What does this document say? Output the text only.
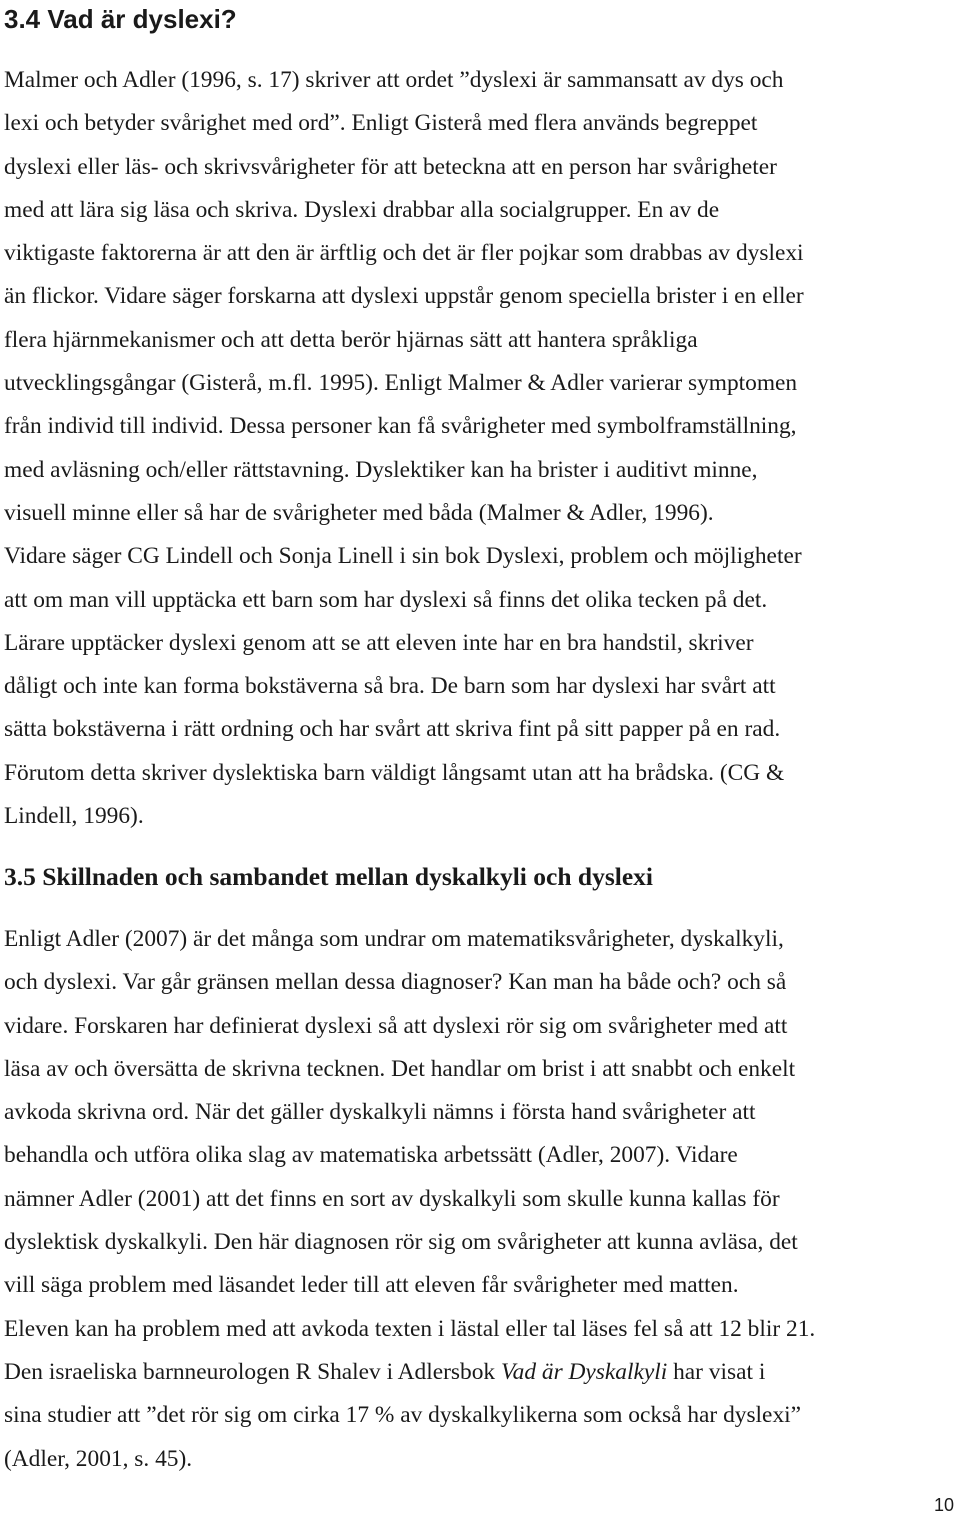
3.4 Vad är dyslexi?

Malmer och Adler (1996, s. 17) skriver att ordet ”dyslexi är sammansatt av dys och
lexi och betyder svårighet med ord”. Enligt Gisterå med flera används begreppet
dyslexi eller läs- och skrivsvårigheter för att beteckna att en person har svårigheter
med att lära sig läsa och skriva. Dyslexi drabbar alla socialgrupper. En av de
viktigaste faktorerna är att den är ärftlig och det är fler pojkar som drabbas av dyslexi
än flickor. Vidare säger forskarna att dyslexi uppstår genom speciella brister i en eller
flera hjärnmekanismer och att detta berör hjärnas sätt att hantera språkliga
utvecklingsgångar (Gisterå, m.fl. 1995). Enligt Malmer & Adler varierar symptomen
från individ till individ. Dessa personer kan få svårigheter med symbolframställning,
med avläsning och/eller rättstavning. Dyslektiker kan ha brister i auditivt minne,
visuell minne eller så har de svårigheter med båda (Malmer & Adler, 1996).
Vidare säger CG Lindell och Sonja Linell i sin bok Dyslexi, problem och möjligheter
att om man vill upptäcka ett barn som har dyslexi så finns det olika tecken på det.
Lärare upptäcker dyslexi genom att se att eleven inte har en bra handstil, skriver
dåligt och inte kan forma bokstäverna så bra. De barn som har dyslexi har svårt att
sätta bokstäverna i rätt ordning och har svårt att skriva fint på sitt papper på en rad.
Förutom detta skriver dyslektiska barn väldigt långsamt utan att ha brådska. (CG &
Lindell, 1996).

3.5 Skillnaden och sambandet mellan dyskalkyli och dyslexi

Enligt Adler (2007) är det många som undrar om matematiksvårigheter, dyskalkyli,
och dyslexi. Var går gränsen mellan dessa diagnoser? Kan man ha både och? och så
vidare. Forskaren har definierat dyslexi så att dyslexi rör sig om svårigheter med att
läsa av och översätta de skrivna tecknen. Det handlar om brist i att snabbt och enkelt
avkoda skrivna ord. När det gäller dyskalkyli nämns i första hand svårigheter att
behandla och utföra olika slag av matematiska arbetssätt (Adler, 2007). Vidare
nämner Adler (2001) att det finns en sort av dyskalkyli som skulle kunna kallas för
dyslektisk dyskalkyli. Den här diagnosen rör sig om svårigheter att kunna avläsa, det
vill säga problem med läsandet leder till att eleven får svårigheter med matten.
Eleven kan ha problem med att avkoda texten i lästal eller tal läses fel så att 12 blir 21.
Den israeliska barnneurologen R Shalev i Adlersbok Vad är Dyskalkyli har visat i
sina studier att ”det rör sig om cirka 17 % av dyskalkylikerna som också har dyslexi”
(Adler, 2001, s. 45).

10
